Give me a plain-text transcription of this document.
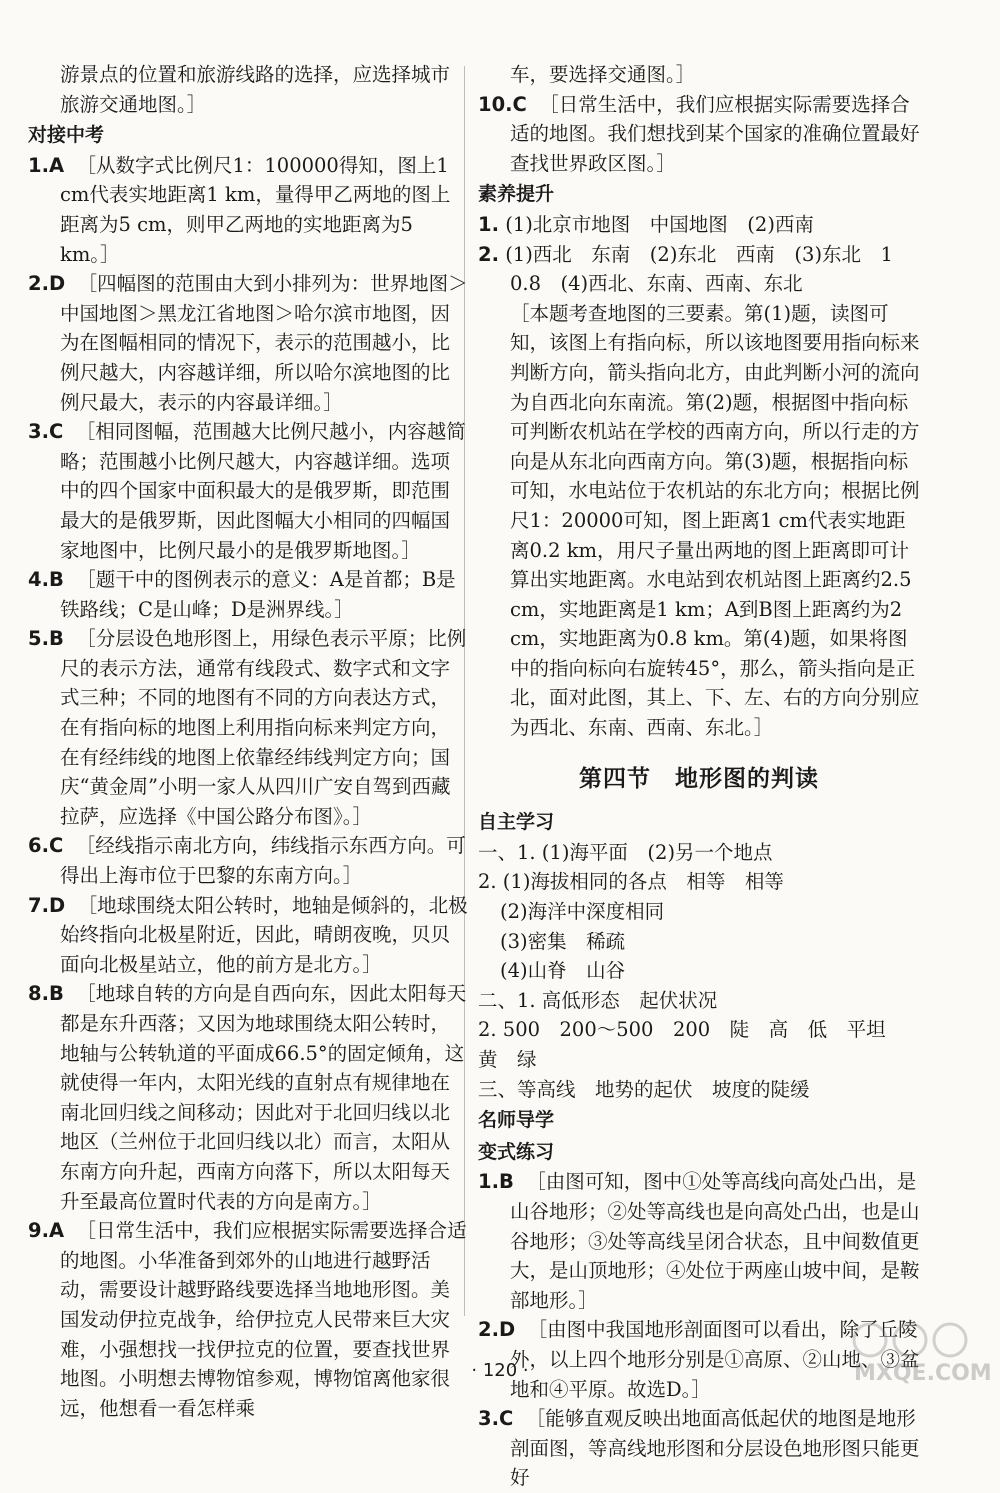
游景点的位置和旅游线路的选择，应选择城市旅游交通地图。］

对接中考

1.A ［从数字式比例尺1：100000得知，图上1 cm代表实地距离1 km，量得甲乙两地的图上距离为5 cm，则甲乙两地的实地距离为5 km。］

2.D ［四幅图的范围由大到小排列为：世界地图＞中国地图＞黑龙江省地图＞哈尔滨市地图，因为在图幅相同的情况下，表示的范围越小，比例尺越大，内容越详细，所以哈尔滨地图的比例尺最大，表示的内容最详细。］

3.C ［相同图幅，范围越大比例尺越小，内容越简略；范围越小比例尺越大，内容越详细。选项中的四个国家中面积最大的是俄罗斯，即范围最大的是俄罗斯，因此图幅大小相同的四幅国家地图中，比例尺最小的是俄罗斯地图。］

4.B ［题干中的图例表示的意义：A是首都；B是铁路线；C是山峰；D是洲界线。］

5.B ［分层设色地形图上，用绿色表示平原；比例尺的表示方法，通常有线段式、数字式和文字式三种；不同的地图有不同的方向表达方式，在有指向标的地图上利用指向标来判定方向，在有经纬线的地图上依靠经纬线判定方向；国庆“黄金周”小明一家人从四川广安自驾到西藏拉萨，应选择《中国公路分布图》。］

6.C ［经线指示南北方向，纬线指示东西方向。可得出上海市位于巴黎的东南方向。］

7.D ［地球围绕太阳公转时，地轴是倾斜的，北极始终指向北极星附近，因此，晴朗夜晚，贝贝面向北极星站立，他的前方是北方。］

8.B ［地球自转的方向是自西向东，因此太阳每天都是东升西落；又因为地球围绕太阳公转时，地轴与公转轨道的平面成66.5°的固定倾角，这就使得一年内，太阳光线的直射点有规律地在南北回归线之间移动；因此对于北回归线以北地区（兰州位于北回归线以北）而言，太阳从东南方向升起，西南方向落下，所以太阳每天升至最高位置时代表的方向是南方。］

9.A ［日常生活中，我们应根据实际需要选择合适的地图。小华准备到郊外的山地进行越野活动，需要设计越野路线要选择当地地形图。美国发动伊拉克战争，给伊拉克人民带来巨大灾难，小强想找一找伊拉克的位置，要查找世界地图。小明想去博物馆参观，博物馆离他家很远，他想看一看怎样乘

车，要选择交通图。］

10.C ［日常生活中，我们应根据实际需要选择合适的地图。我们想找到某个国家的准确位置最好查找世界政区图。］

素养提升

1. (1)北京市地图　中国地图　(2)西南

2. (1)西北　东南　(2)东北　西南　(3)东北　1　0.8　(4)西北、东南、西南、东北

［本题考查地图的三要素。第(1)题，读图可知，该图上有指向标，所以该地图要用指向标来判断方向，箭头指向北方，由此判断小河的流向为自西北向东南流。第(2)题，根据图中指向标可判断农机站在学校的西南方向，所以行走的方向是从东北向西南方向。第(3)题，根据指向标可知，水电站位于农机站的东北方向；根据比例尺1：20000可知，图上距离1 cm代表实地距离0.2 km，用尺子量出两地的图上距离即可计算出实地距离。水电站到农机站图上距离约2.5 cm，实地距离是1 km；A到B图上距离约为2 cm，实地距离为0.8 km。第(4)题，如果将图中的指向标向右旋转45°，那么，箭头指向是正北，面对此图，其上、下、左、右的方向分别应为西北、东南、西南、东北。］

第四节　地形图的判读

自主学习

一、1. (1)海平面　(2)另一个地点

2. (1)海拔相同的各点　相等　相等

(2)海洋中深度相同

(3)密集　稀疏

(4)山脊　山谷

二、1. 高低形态　起伏状况

2. 500　200～500　200　陡　高　低　平坦　黄　绿

三、等高线　地势的起伏　坡度的陡缓

名师导学

变式练习

1.B ［由图可知，图中①处等高线向高处凸出，是山谷地形；②处等高线也是向高处凸出，也是山谷地形；③处等高线呈闭合状态，且中间数值更大，是山顶地形；④处位于两座山坡中间，是鞍部地形。］

2.D ［由图中我国地形剖面图可以看出，除了丘陵外，以上四个地形分别是①高原、②山地、③盆地和④平原。故选D。］

3.C ［能够直观反映出地面高低起伏的地图是地形剖面图，等高线地形图和分层设色地形图只能更好

· 120 ·	MXQE.COM
